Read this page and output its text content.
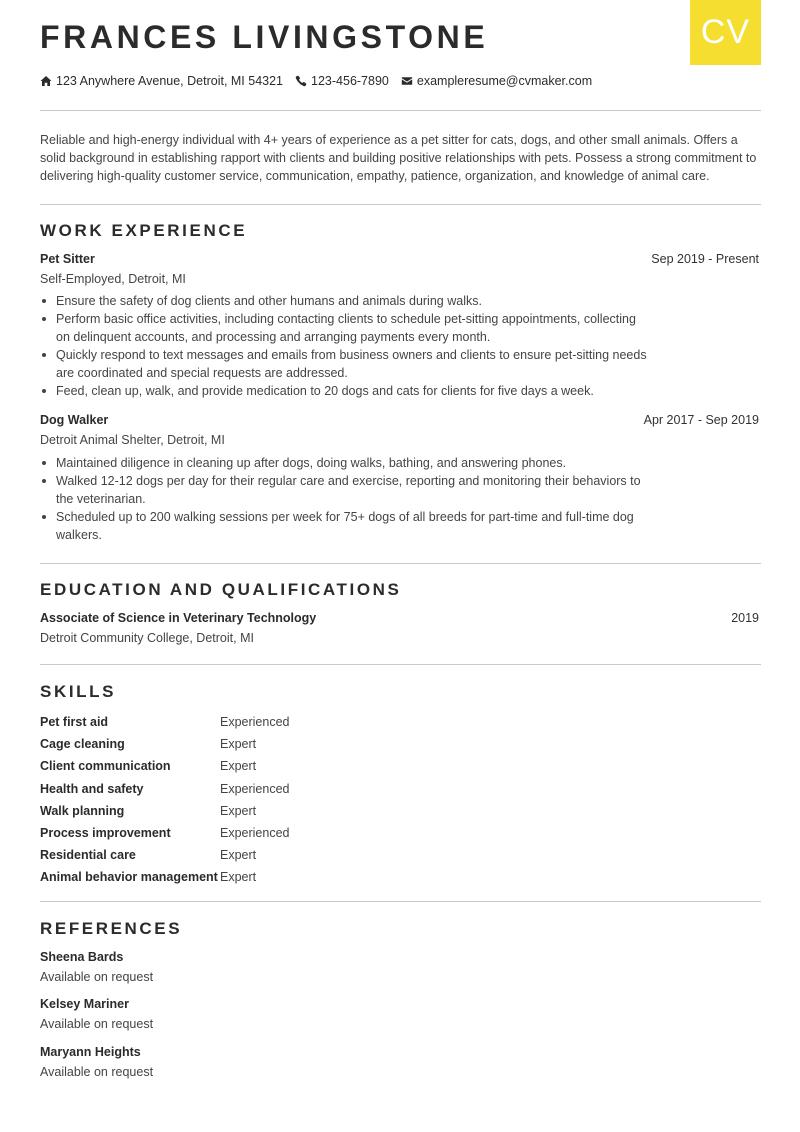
CV
FRANCES LIVINGSTONE
123 Anywhere Avenue, Detroit, MI 54321 123-456-7890 exampleresume@cvmaker.com

Reliable and high-energy individual with 4+ years of experience as a pet sitter for cats, dogs, and other small animals. Offers a solid background in establishing rapport with clients and building positive relationships with pets. Possess a strong commitment to delivering high-quality customer service, communication, empathy, patience, organization, and knowledge of animal care.

WORK EXPERIENCE
Pet Sitter	Sep 2019 - Present
Self-Employed, Detroit, MI
Ensure the safety of dog clients and other humans and animals during walks.
Perform basic office activities, including contacting clients to schedule pet-sitting appointments, collecting on delinquent accounts, and processing and arranging payments every month.
Quickly respond to text messages and emails from business owners and clients to ensure pet-sitting needs are coordinated and special requests are addressed.
Feed, clean up, walk, and provide medication to 20 dogs and cats for clients for five days a week.
Dog Walker	Apr 2017 - Sep 2019
Detroit Animal Shelter, Detroit, MI
Maintained diligence in cleaning up after dogs, doing walks, bathing, and answering phones.
Walked 12-12 dogs per day for their regular care and exercise, reporting and monitoring their behaviors to the veterinarian.
Scheduled up to 200 walking sessions per week for 75+ dogs of all breeds for part-time and full-time dog walkers.
EDUCATION AND QUALIFICATIONS
Associate of Science in Veterinary Technology	2019
Detroit Community College, Detroit, MI
SKILLS
Pet first aid	Experienced
Cage cleaning	Expert
Client communication	Expert
Health and safety	Experienced
Walk planning	Expert
Process improvement	Experienced
Residential care	Expert
Animal behavior management Expert
REFERENCES
Sheena Bards
Available on request
Kelsey Mariner
Available on request
Maryann Heights
Available on request
